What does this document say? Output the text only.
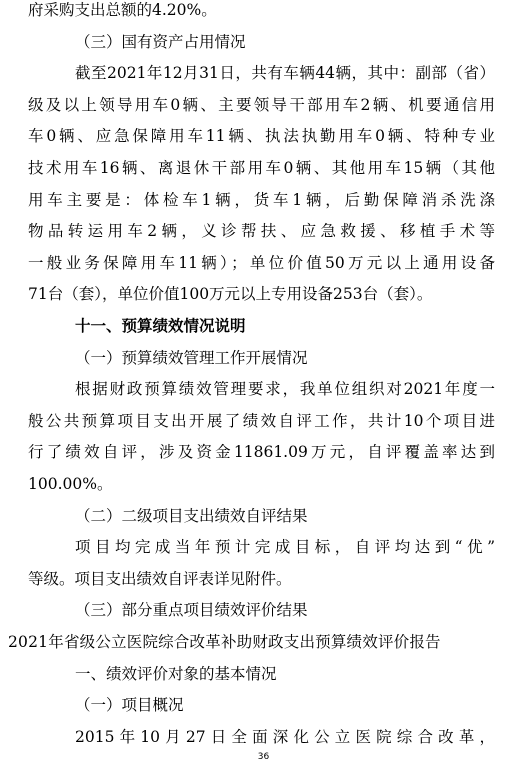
府采购支出总额的4.20%。
（三）国有资产占用情况
截至2021年12月31日，共有车辆44辆，其中：副部（省）
级及以上领导用车0辆、主要领导干部用车2辆、机要通信用
车0辆、应急保障用车11辆、执法执勤用车0辆、特种专业
技术用车16辆、离退休干部用车0辆、其他用车15辆（其他
用车主要是：体检车1辆，货车1辆，后勤保障消杀洗涤
物品转运用车2辆，义诊帮扶、应急救援、移植手术等
一般业务保障用车11辆）；单位价值50万元以上通用设备
71台（套），单位价值100万元以上专用设备253台（套）。
十一、预算绩效情况说明
（一）预算绩效管理工作开展情况
根据财政预算绩效管理要求，我单位组织对2021年度一
般公共预算项目支出开展了绩效自评工作，共计10个项目进
行了绩效自评，涉及资金11861.09万元，自评覆盖率达到
100.00%。
（二）二级项目支出绩效自评结果
项目均完成当年预计完成目标，自评均达到“优”
等级。项目支出绩效自评表详见附件。
（三）部分重点项目绩效评价结果
2021年省级公立医院综合改革补助财政支出预算绩效评价报告
一、绩效评价对象的基本情况
（一）项目概况
2015年10月27日全面深化公立医院综合改革，
36
